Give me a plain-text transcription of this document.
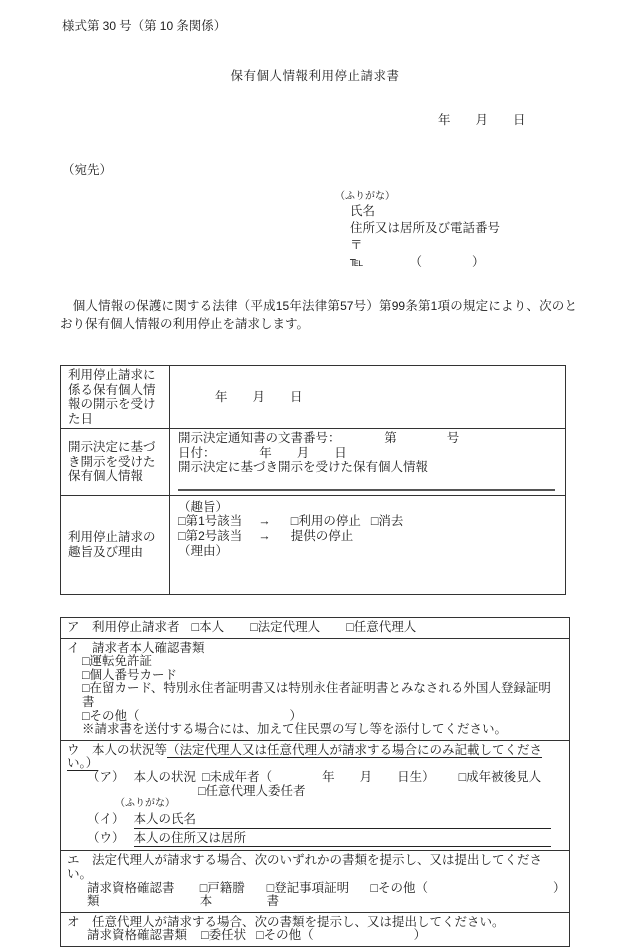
様式第 30 号（第 10 条関係）
保有個人情報利用停止請求書
年　　月　　日
（宛先）
（ふりがな）
氏名
住所又は居所及び電話番号
〒
℡	（　　　　）
　個人情報の保護に関する法律（平成15年法律第57号）第99条第1項の規定により、次のとおり保有個人情報の利用停止を請求します。
利用停止請求に係る保有個人情報の開示を受けた日	年　　月　　日
開示決定に基づき開示を受けた保有個人情報	開示決定通知書の文書番号：　　　　第　　　　号
日付：　　　　年　　月　　日
開示決定に基づき開示を受けた保有個人情報

利用停止請求の趣旨及び理由	（趣旨）
□第1号該当 → □利用の停止 □消去
□第2号該当 → 提供の停止
（理由）
ア　利用停止請求者 □本人 □法定代理人 □任意代理人

イ　請求者本人確認書類
□運転免許証
□個人番号カード
□在留カード、特別永住者証明書又は特別永住者証明書とみなされる外国人登録証明書
□その他（　　　　　　　　　　　　）
※請求書を送付する場合には、加えて住民票の写し等を添付してください。

ウ　本人の状況等（法定代理人又は任意代理人が請求する場合にのみ記載してください。）
（ア） 本人の状況 □未成年者（　　　　年　　月　　日生） □成年被後見人
□任意代理人委任者
（ふりがな）
（イ） 本人の氏名
（ウ） 本人の住所又は居所

エ　法定代理人が請求する場合、次のいずれかの書類を提示し、又は提出してください。
請求資格確認書類
□戸籍謄本
□登記事項証明書
□その他（　　　　　　　　　　）

オ　任意代理人が請求する場合、次の書類を提示し、又は提出してください。
請求資格確認書類 □委任状 □その他（　　　　　　　　）
